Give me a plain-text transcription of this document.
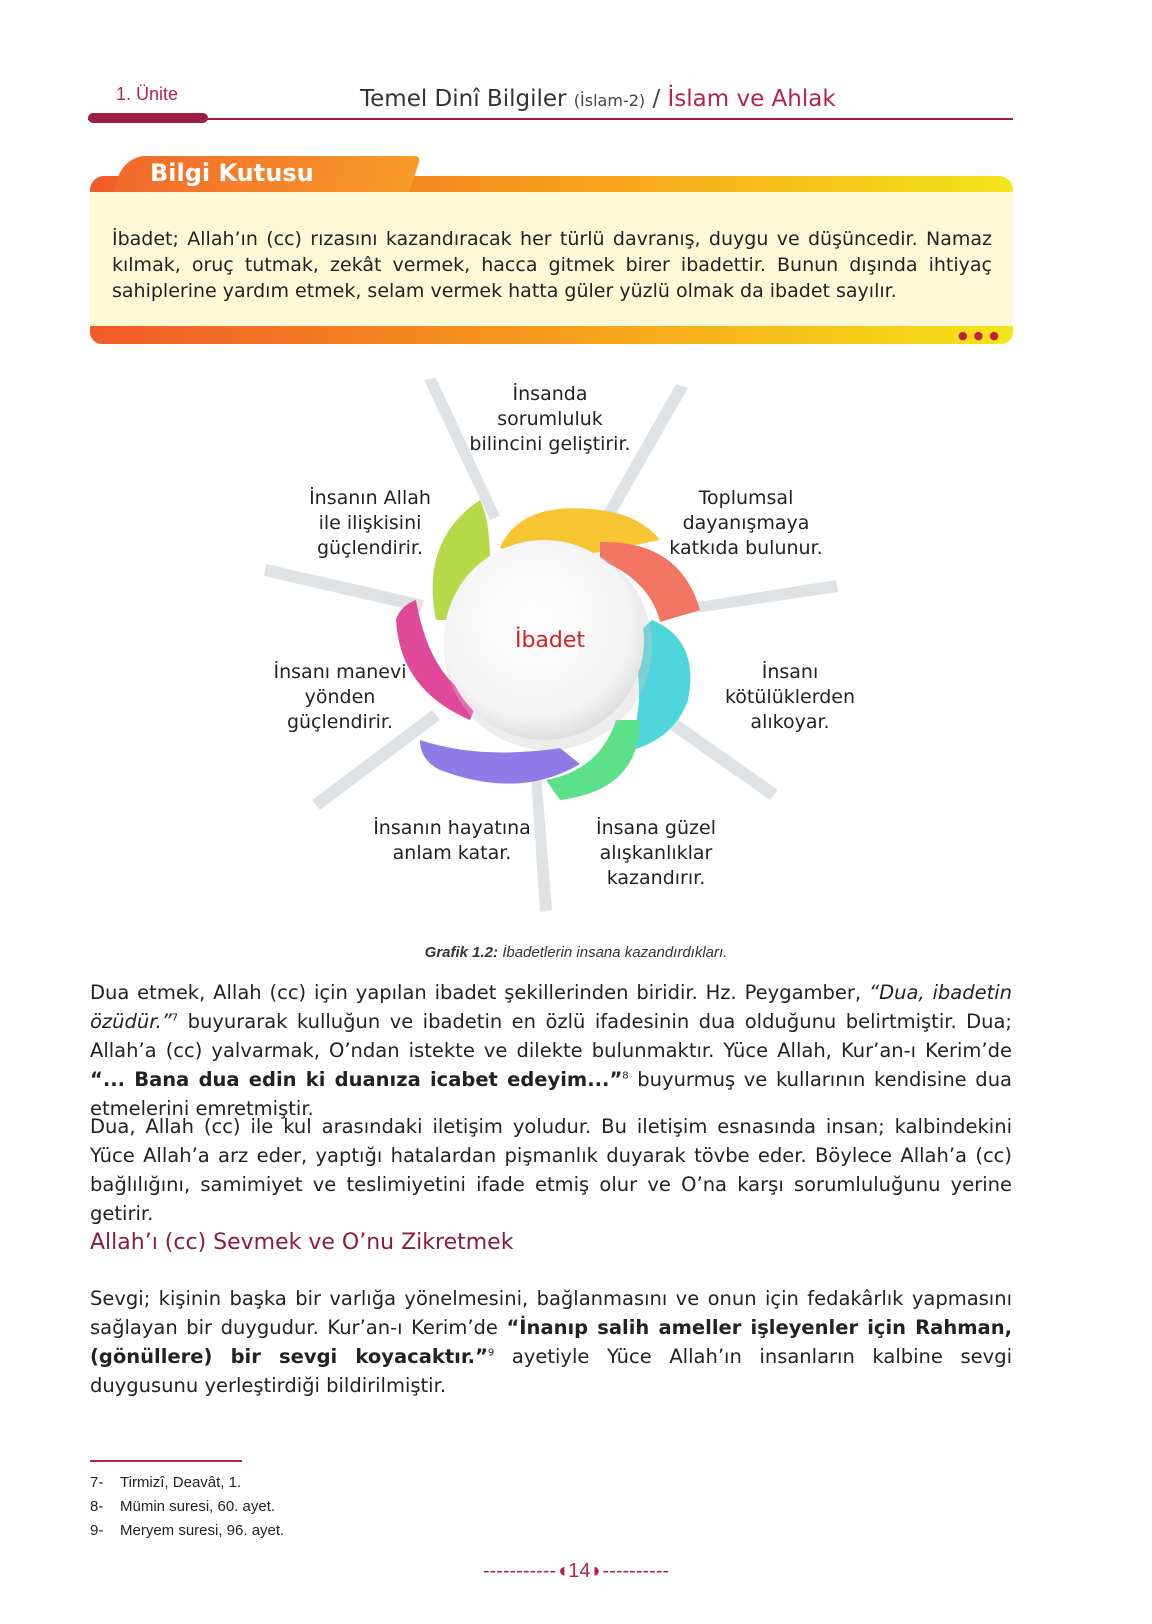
1. Ünite	Temel Dinî Bilgiler (İslam-2) / İslam ve Ahlak
Bilgi Kutusu
İbadet; Allah’ın (cc) rızasını kazandıracak her türlü davranış, duygu ve düşüncedir. Namaz kılmak, oruç tutmak, zekât vermek, hacca gitmek birer ibadettir. Bunun dışında ihtiyaç sahiplerine yardım etmek, selam vermek hatta güler yüzlü olmak da ibadet sayılır.
●●●
İbadet
İnsanda
sorumluluk
bilincini geliştirir.
Toplumsal
dayanışmaya
katkıda bulunur.
İnsanı
kötülüklerden
alıkoyar.
İnsana güzel
alışkanlıklar
kazandırır.
İnsanın hayatına
anlam katar.
İnsanı manevi
yönden
güçlendirir.
İnsanın Allah
ile ilişkisini
güçlendirir.
Grafik 1.2: İbadetlerin insana kazandırdıkları.
Dua etmek, Allah (cc) için yapılan ibadet şekillerinden biridir. Hz. Peygamber, “Dua, ibadetin özüdür.”$^7$ buyurarak kulluğun ve ibadetin en özlü ifadesinin dua olduğunu belirtmiştir. Dua; Allah’a (cc) yalvarmak, O’ndan istekte ve dilekte bulunmaktır. Yüce Allah, Kur’an-ı Kerim’de “... Bana dua edin ki duanıza icabet edeyim...”$^8$ buyurmuş ve kullarının kendisine dua etmelerini emretmiştir.
Dua, Allah (cc) ile kul arasındaki iletişim yoludur. Bu iletişim esnasında insan; kalbindekini Yüce Allah’a arz eder, yaptığı hatalardan pişmanlık duyarak tövbe eder. Böylece Allah’a (cc) bağlılığını, samimiyet ve teslimiyetini ifade etmiş olur ve O’na karşı sorumluluğunu yerine getirir.
Allah’ı (cc) Sevmek ve O’nu Zikretmek
Sevgi; kişinin başka bir varlığa yönelmesini, bağlanmasını ve onun için fedakârlık yapmasını sağlayan bir duygudur. Kur’an-ı Kerim’de “İnanıp salih ameller işleyenler için Rahman, (gönüllere) bir sevgi koyacaktır.”$^9$ ayetiyle Yüce Allah’ın insanların kalbine sevgi duygusunu yerleştirdiği bildirilmiştir.
7- Tirmizî, Deavât, 1.
8- Mümin suresi, 60. ayet.
9- Meryem suresi, 96. ayet.
-----------◖14◗----------
